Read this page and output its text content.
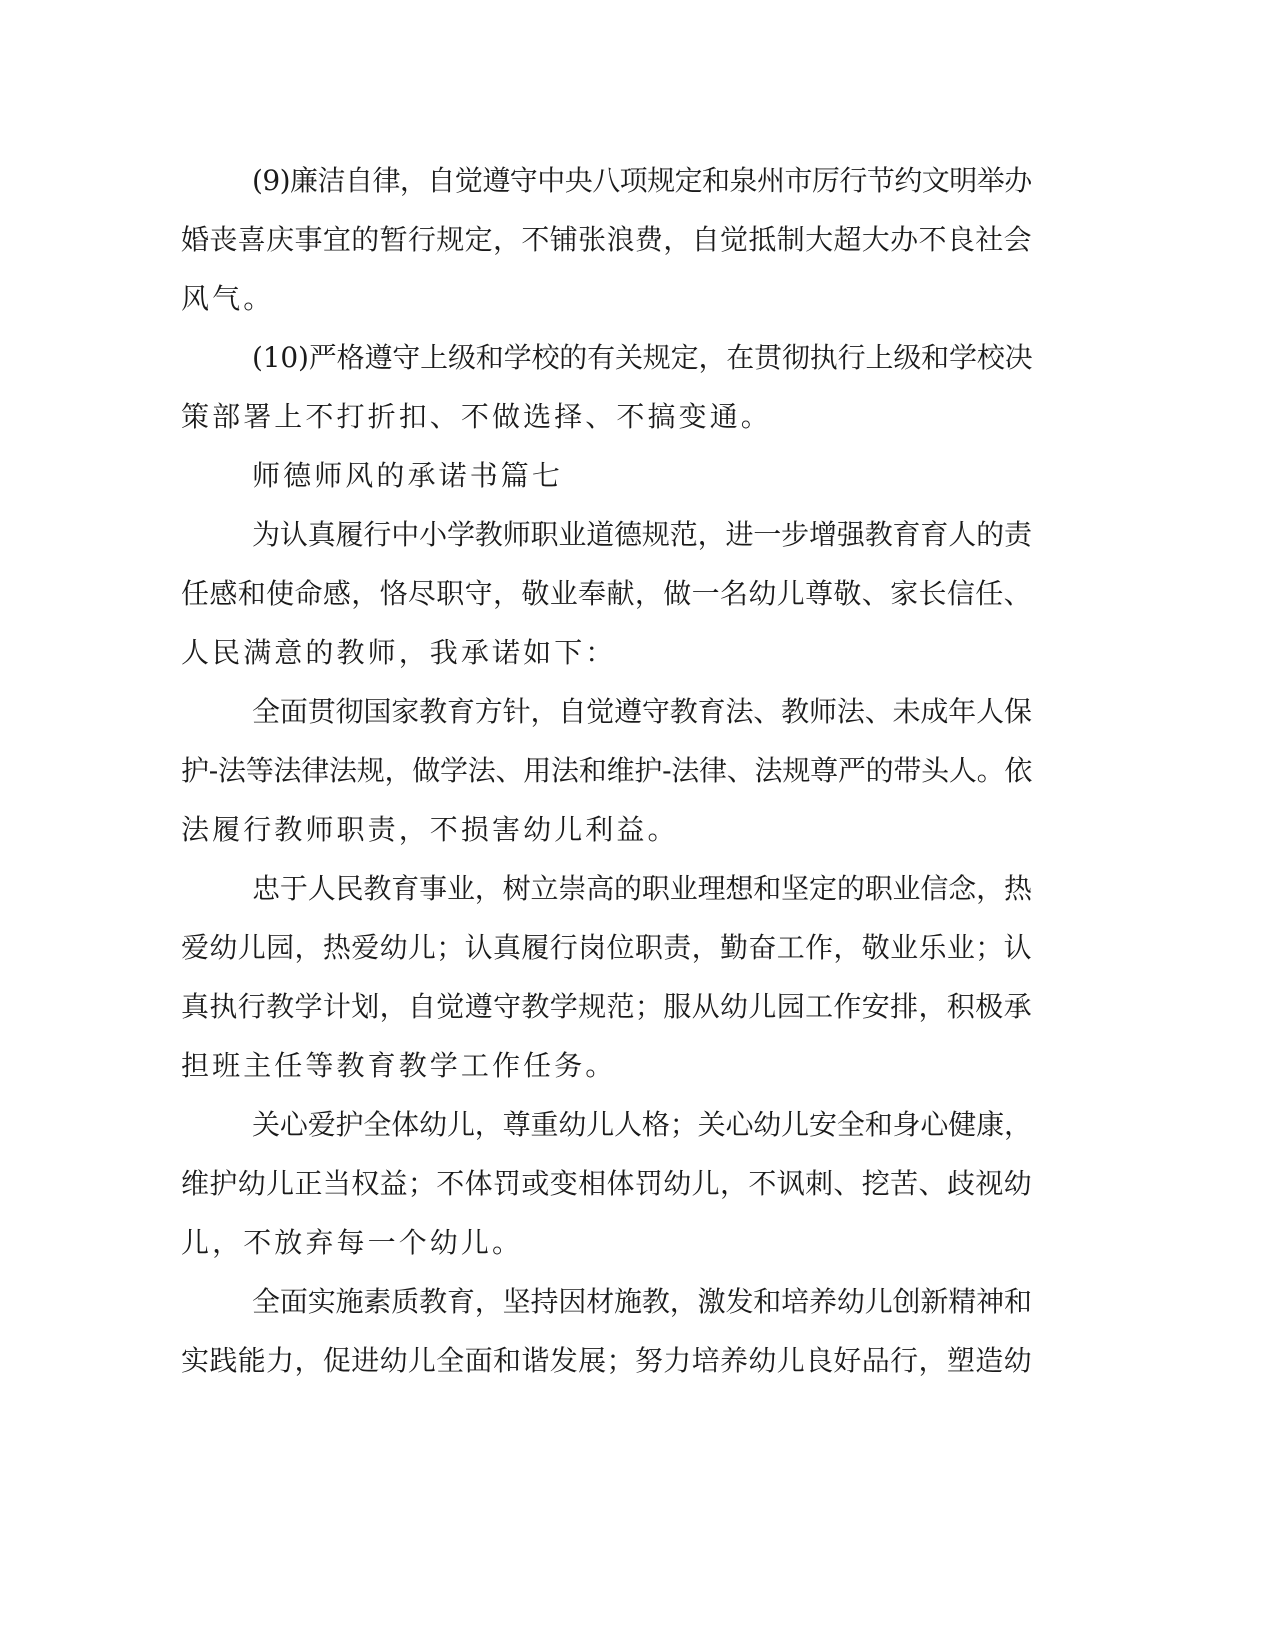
(9)廉洁自律，自觉遵守中央八项规定和泉州市厉行节约文明举办
婚丧喜庆事宜的暂行规定，不铺张浪费，自觉抵制大超大办不良社会
风气。
(10)严格遵守上级和学校的有关规定，在贯彻执行上级和学校决
策部署上不打折扣、不做选择、不搞变通。
师德师风的承诺书篇七
为认真履行中小学教师职业道德规范，进一步增强教育育人的责
任感和使命感，恪尽职守，敬业奉献，做一名幼儿尊敬、家长信任、
人民满意的教师，我承诺如下：
全面贯彻国家教育方针，自觉遵守教育法、教师法、未成年人保
护-法等法律法规，做学法、用法和维护-法律、法规尊严的带头人。依
法履行教师职责，不损害幼儿利益。
忠于人民教育事业，树立崇高的职业理想和坚定的职业信念，热
爱幼儿园，热爱幼儿；认真履行岗位职责，勤奋工作，敬业乐业；认
真执行教学计划，自觉遵守教学规范；服从幼儿园工作安排，积极承
担班主任等教育教学工作任务。
关心爱护全体幼儿，尊重幼儿人格；关心幼儿安全和身心健康，
维护幼儿正当权益；不体罚或变相体罚幼儿，不讽刺、挖苦、歧视幼
儿，不放弃每一个幼儿。
全面实施素质教育，坚持因材施教，激发和培养幼儿创新精神和
实践能力，促进幼儿全面和谐发展；努力培养幼儿良好品行，塑造幼
